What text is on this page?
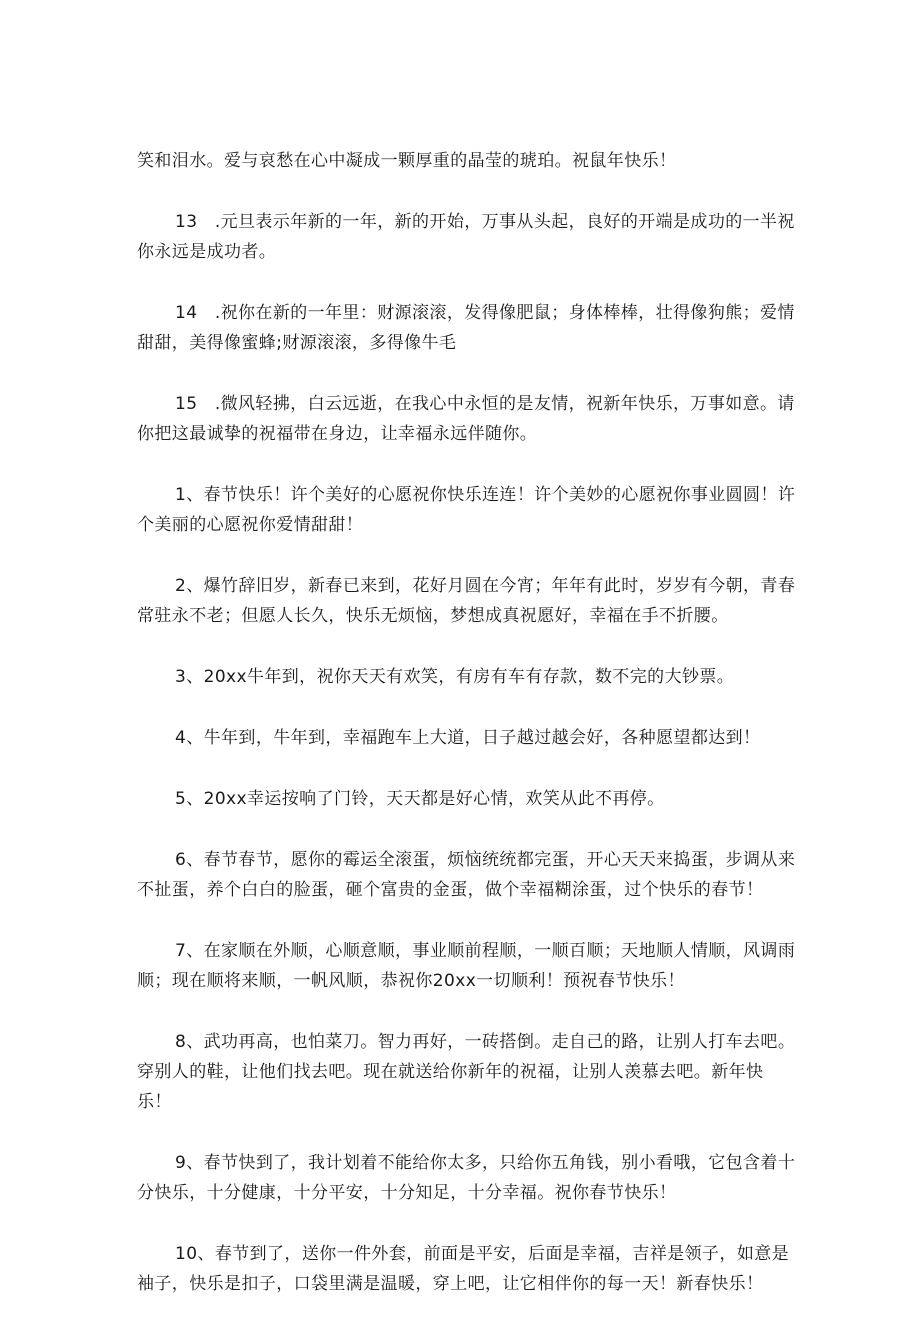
笑和泪水。爱与哀愁在心中凝成一颗厚重的晶莹的琥珀。祝鼠年快乐！

13　.元旦表示年新的一年，新的开始，万事从头起，良好的开端是成功的一半祝你永远是成功者。

14　.祝你在新的一年里：财源滚滚，发得像肥鼠；身体棒棒，壮得像狗熊；爱情甜甜，美得像蜜蜂;财源滚滚，多得像牛毛

15　.微风轻拂，白云远逝，在我心中永恒的是友情，祝新年快乐，万事如意。请你把这最诚挚的祝福带在身边，让幸福永远伴随你。

1、春节快乐！许个美好的心愿祝你快乐连连！许个美妙的心愿祝你事业圆圆！许个美丽的心愿祝你爱情甜甜！

2、爆竹辞旧岁，新春已来到，花好月圆在今宵；年年有此时，岁岁有今朝，青春常驻永不老；但愿人长久，快乐无烦恼，梦想成真祝愿好，幸福在手不折腰。

3、20xx牛年到，祝你天天有欢笑，有房有车有存款，数不完的大钞票。

4、牛年到，牛年到，幸福跑车上大道，日子越过越会好，各种愿望都达到！

5、20xx幸运按响了门铃，天天都是好心情，欢笑从此不再停。

6、春节春节，愿你的霉运全滚蛋，烦恼统统都完蛋，开心天天来捣蛋，步调从来不扯蛋，养个白白的脸蛋，砸个富贵的金蛋，做个幸福糊涂蛋，过个快乐的春节！

7、在家顺在外顺，心顺意顺，事业顺前程顺，一顺百顺；天地顺人情顺，风调雨顺；现在顺将来顺，一帆风顺，恭祝你20xx一切顺利！预祝春节快乐！

8、武功再高，也怕菜刀。智力再好，一砖搭倒。走自己的路，让别人打车去吧。穿别人的鞋，让他们找去吧。现在就送给你新年的祝福，让别人羡慕去吧。新年快乐！

9、春节快到了，我计划着不能给你太多，只给你五角钱，别小看哦，它包含着十分快乐，十分健康，十分平安，十分知足，十分幸福。祝你春节快乐！

10、春节到了，送你一件外套，前面是平安，后面是幸福，吉祥是领子，如意是袖子，快乐是扣子，口袋里满是温暖，穿上吧，让它相伴你的每一天！新春快乐！
